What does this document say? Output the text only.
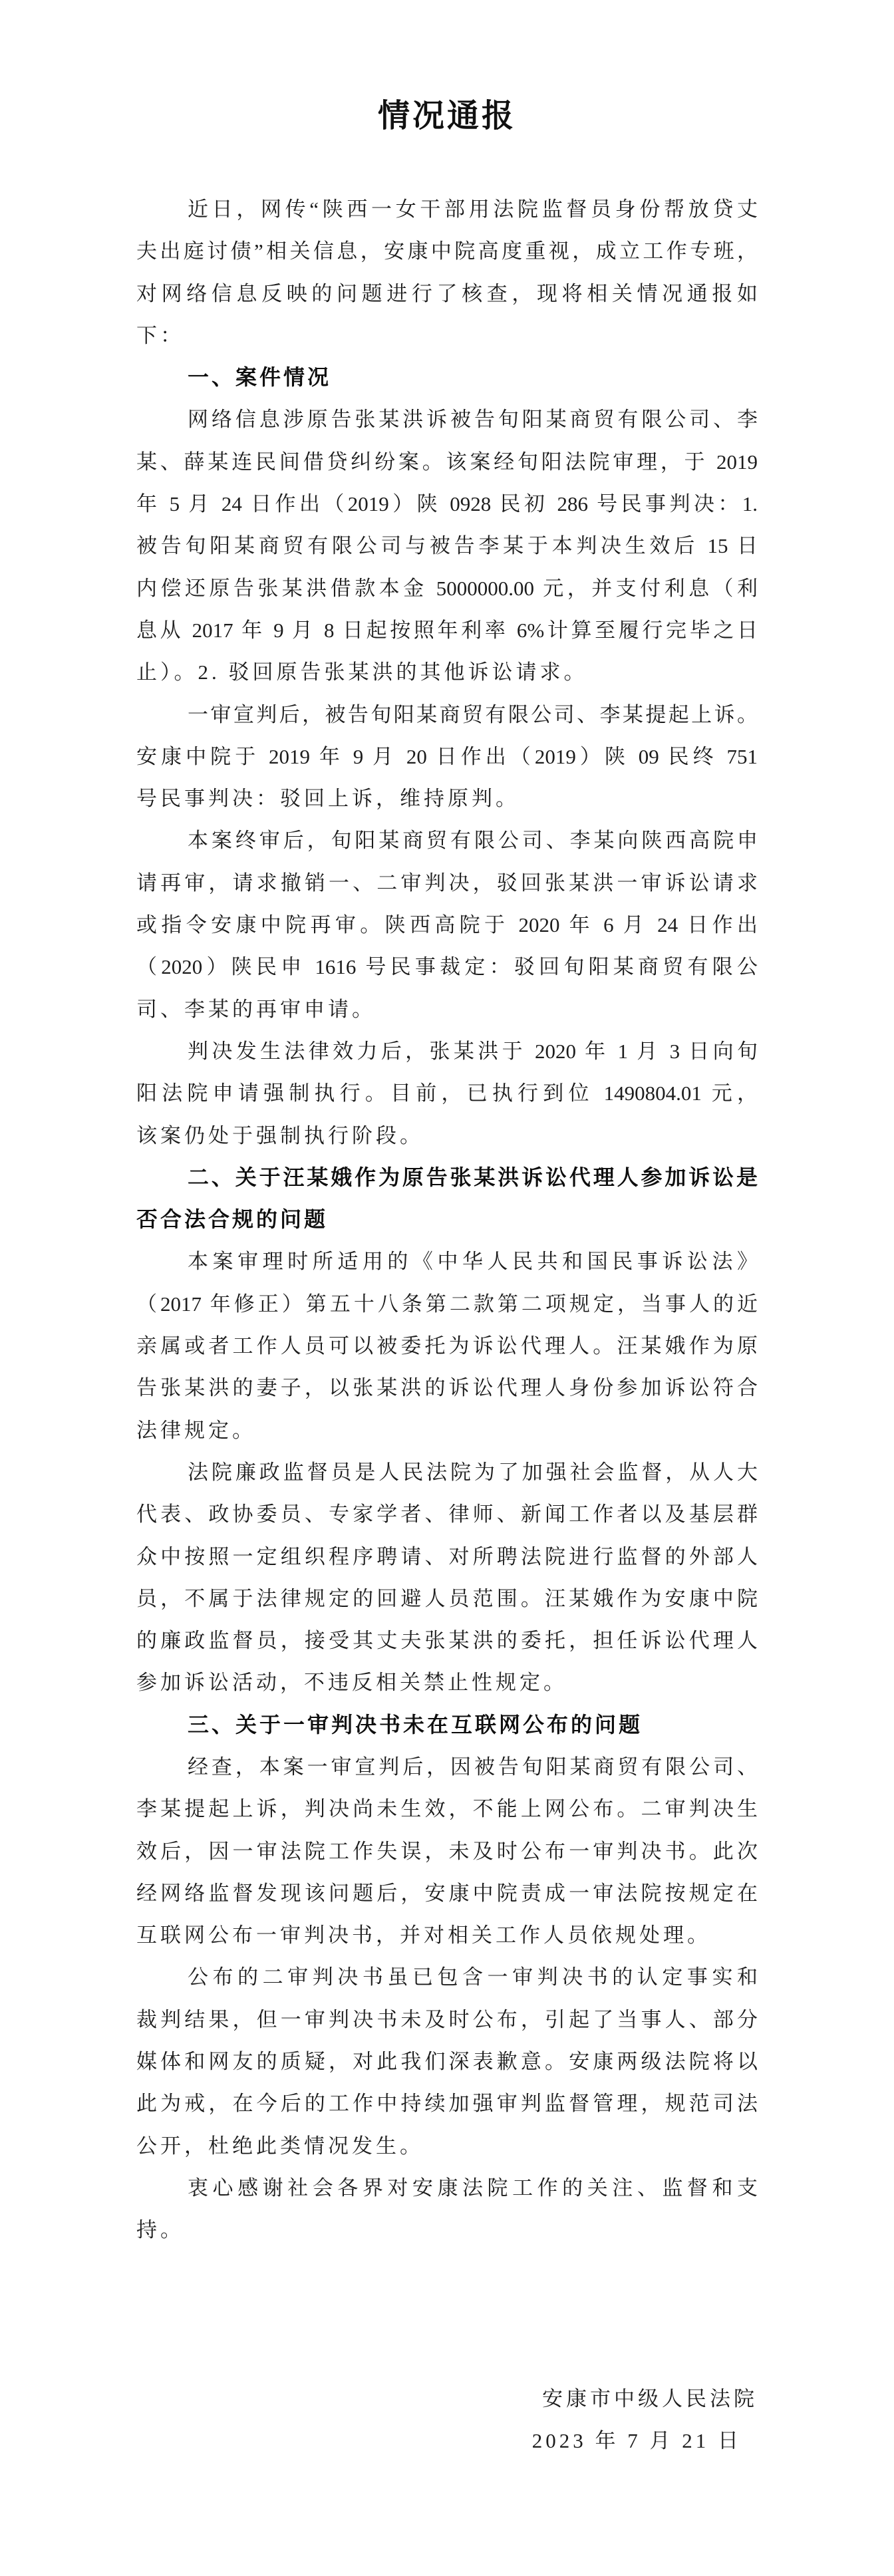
情况通报
近日，网传“陕西一女干部用法院监督员身份帮放贷丈
夫出庭讨债”相关信息，安康中院高度重视，成立工作专班，
对网络信息反映的问题进行了核查，现将相关情况通报如
下：
一、案件情况
网络信息涉原告张某洪诉被告旬阳某商贸有限公司、李
某、薛某连民间借贷纠纷案。该案经旬阳法院审理，于 2019
年 5 月 24 日作出（2019）陕 0928 民初 286 号民事判决：1.
被告旬阳某商贸有限公司与被告李某于本判决生效后 15 日
内偿还原告张某洪借款本金 5000000.00 元，并支付利息（利
息从 2017 年 9 月 8 日起按照年利率 6%计算至履行完毕之日
止）。2. 驳回原告张某洪的其他诉讼请求。
一审宣判后，被告旬阳某商贸有限公司、李某提起上诉。
安康中院于 2019 年 9 月 20 日作出（2019）陕 09 民终 751
号民事判决：驳回上诉，维持原判。
本案终审后，旬阳某商贸有限公司、李某向陕西高院申
请再审，请求撤销一、二审判决，驳回张某洪一审诉讼请求
或指令安康中院再审。陕西高院于 2020 年 6 月 24 日作出
（2020）陕民申 1616 号民事裁定：驳回旬阳某商贸有限公
司、李某的再审申请。
判决发生法律效力后，张某洪于 2020 年 1 月 3 日向旬
阳法院申请强制执行。目前，已执行到位 1490804.01 元，
该案仍处于强制执行阶段。
二、关于汪某娥作为原告张某洪诉讼代理人参加诉讼是
否合法合规的问题
本案审理时所适用的《中华人民共和国民事诉讼法》
（2017 年修正）第五十八条第二款第二项规定，当事人的近
亲属或者工作人员可以被委托为诉讼代理人。汪某娥作为原
告张某洪的妻子，以张某洪的诉讼代理人身份参加诉讼符合
法律规定。
法院廉政监督员是人民法院为了加强社会监督，从人大
代表、政协委员、专家学者、律师、新闻工作者以及基层群
众中按照一定组织程序聘请、对所聘法院进行监督的外部人
员，不属于法律规定的回避人员范围。汪某娥作为安康中院
的廉政监督员，接受其丈夫张某洪的委托，担任诉讼代理人
参加诉讼活动，不违反相关禁止性规定。
三、关于一审判决书未在互联网公布的问题
经查，本案一审宣判后，因被告旬阳某商贸有限公司、
李某提起上诉，判决尚未生效，不能上网公布。二审判决生
效后，因一审法院工作失误，未及时公布一审判决书。此次
经网络监督发现该问题后，安康中院责成一审法院按规定在
互联网公布一审判决书，并对相关工作人员依规处理。
公布的二审判决书虽已包含一审判决书的认定事实和
裁判结果，但一审判决书未及时公布，引起了当事人、部分
媒体和网友的质疑，对此我们深表歉意。安康两级法院将以
此为戒，在今后的工作中持续加强审判监督管理，规范司法
公开，杜绝此类情况发生。
衷心感谢社会各界对安康法院工作的关注、监督和支
持。
安康市中级人民法院
2023 年 7 月 21 日
